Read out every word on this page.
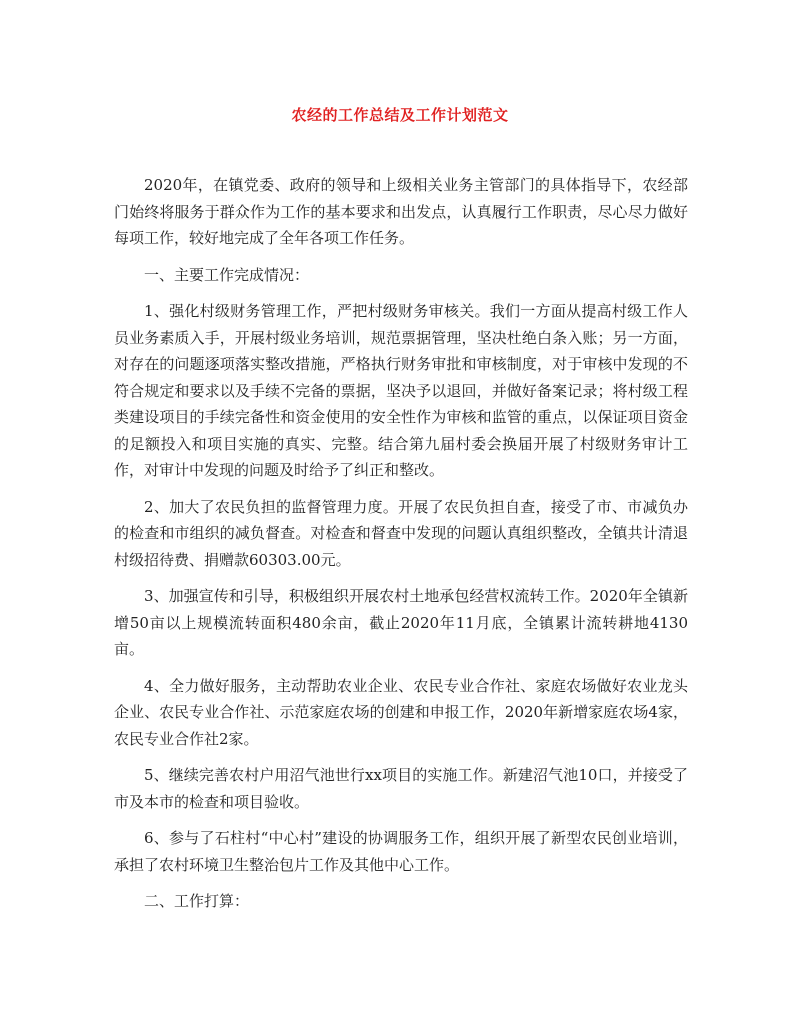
农经的工作总结及工作计划范文

2020年，在镇党委、政府的领导和上级相关业务主管部门的具体指导下，农经部门始终将服务于群众作为工作的基本要求和出发点，认真履行工作职责，尽心尽力做好每项工作，较好地完成了全年各项工作任务。

一、主要工作完成情况：

1、强化村级财务管理工作，严把村级财务审核关。我们一方面从提高村级工作人员业务素质入手，开展村级业务培训，规范票据管理，坚决杜绝白条入账；另一方面，对存在的问题逐项落实整改措施，严格执行财务审批和审核制度，对于审核中发现的不符合规定和要求以及手续不完备的票据，坚决予以退回，并做好备案记录；将村级工程类建设项目的手续完备性和资金使用的安全性作为审核和监管的重点，以保证项目资金的足额投入和项目实施的真实、完整。结合第九届村委会换届开展了村级财务审计工作，对审计中发现的问题及时给予了纠正和整改。

2、加大了农民负担的监督管理力度。开展了农民负担自查，接受了市、市减负办的检查和市组织的减负督查。对检查和督查中发现的问题认真组织整改，全镇共计清退村级招待费、捐赠款60303.00元。

3、加强宣传和引导，积极组织开展农村土地承包经营权流转工作。2020年全镇新增50亩以上规模流转面积480余亩，截止2020年11月底，全镇累计流转耕地4130亩。

4、全力做好服务，主动帮助农业企业、农民专业合作社、家庭农场做好农业龙头企业、农民专业合作社、示范家庭农场的创建和申报工作，2020年新增家庭农场4家，农民专业合作社2家。

5、继续完善农村户用沼气池世行xx项目的实施工作。新建沼气池10口，并接受了市及本市的检查和项目验收。

6、参与了石柱村“中心村”建设的协调服务工作，组织开展了新型农民创业培训，承担了农村环境卫生整治包片工作及其他中心工作。

二、工作打算：
